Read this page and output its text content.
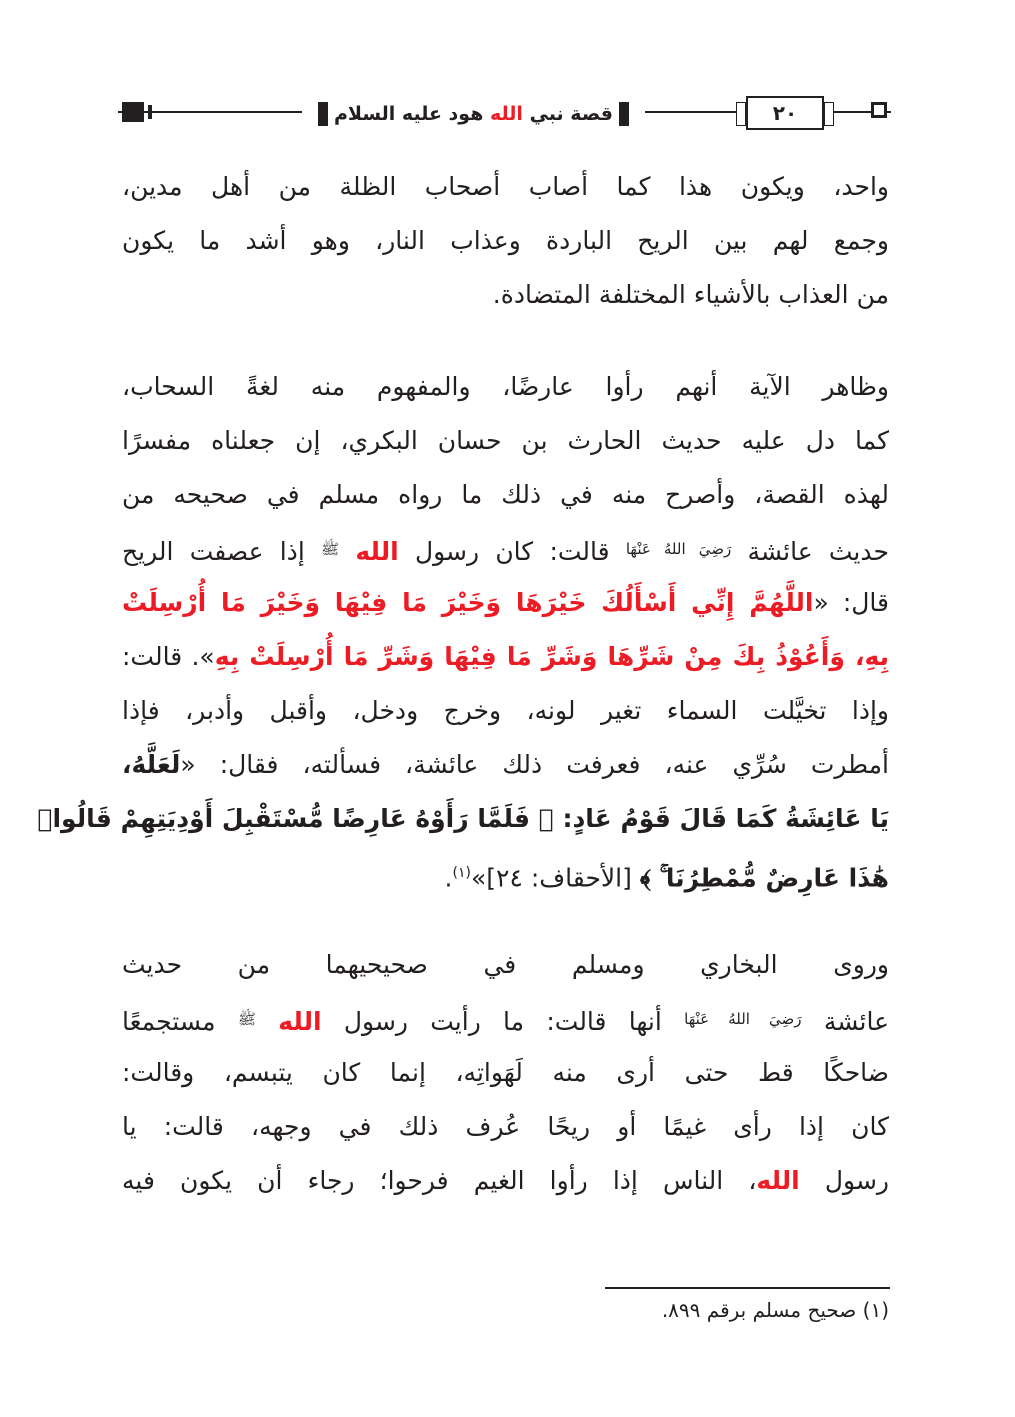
قصة نبي الله هود عليه السلام	٢٠

واحد، ويكون هذا كما أصاب أصحاب الظلة من أهل مدين،

وجمع لهم بين الريح الباردة وعذاب النار، وهو أشد ما يكون

من العذاب بالأشياء المختلفة المتضادة.

وظاهر الآية أنهم رأوا عارضًا، والمفهوم منه لغةً السحاب،

كما دل عليه حديث الحارث بن حسان البكري، إن جعلناه مفسرًا

لهذه القصة، وأصرح منه في ذلك ما رواه مسلم في صحيحه من

حديث عائشة $^{رَضِيَ اللهُ عَنْهَا}$ قالت: كان رسول الله $^ﷺ$ إذا عصفت الريح

قال: «اللَّهُمَّ إِنِّي أَسْأَلُكَ خَيْرَهَا وَخَيْرَ مَا فِيْهَا وَخَيْرَ مَا أُرْسِلَتْ

بِهِ، وَأَعُوْذُ بِكَ مِنْ شَرِّهَا وَشَرِّ مَا فِيْهَا وَشَرِّ مَا أُرْسِلَتْ بِهِ». قالت:

وإذا تخيَّلت السماء تغير لونه، وخرج ودخل، وأقبل وأدبر، فإذا

أمطرت سُرِّي عنه، فعرفت ذلك عائشة، فسألته، فقال: «لَعَلَّهُ،

يَا عَائِشَةُ كَمَا قَالَ قَوْمُ عَادٍ: ﴿ فَلَمَّا رَأَوْهُ عَارِضًا مُّسْتَقْبِلَ أَوْدِيَتِهِمْ قَالُوا۟

هَٰذَا عَارِضٌ مُّمْطِرُنَا ۚ ﴾ [الأحقاف: ٢٤]»$^{(١)}$.

وروى البخاري ومسلم في صحيحيهما من حديث

عائشة $^{رَضِيَ اللهُ عَنْهَا}$ أنها قالت: ما رأيت رسول الله $^ﷺ$ مستجمعًا

ضاحكًا قط حتى أرى منه لَهَواتِه، إنما كان يتبسم، وقالت:

كان إذا رأى غيمًا أو ريحًا عُرف ذلك في وجهه، قالت: يا

رسول الله، الناس إذا رأوا الغيم فرحوا؛ رجاء أن يكون فيه

(١) صحيح مسلم برقم ٨٩٩.
